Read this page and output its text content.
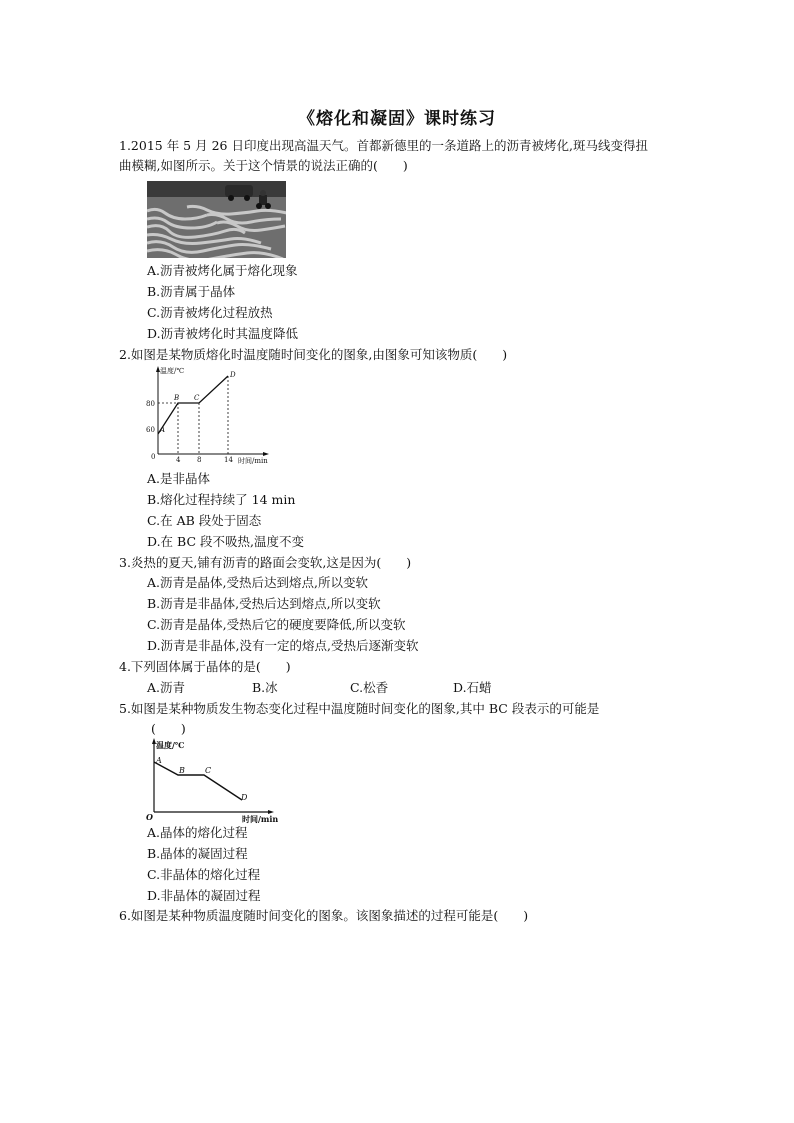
《熔化和凝固》课时练习
1.2015 年 5 月 26 日印度出现高温天气。首都新德里的一条道路上的沥青被烤化,斑马线变得扭
曲模糊,如图所示。关于这个情景的说法正确的(　　)
A.沥青被烤化属于熔化现象
B.沥青属于晶体
C.沥青被烤化过程放热
D.沥青被烤化时其温度降低
2.如图是某物质熔化时温度随时间变化的图象,由图象可知该物质(　　)
温度/℃
时间/min
0
80
60
4 8	14
A
B C
D
A.是非晶体
B.熔化过程持续了 14 min
C.在 AB 段处于固态
D.在 BC 段不吸热,温度不变
3.炎热的夏天,铺有沥青的路面会变软,这是因为(　　)
A.沥青是晶体,受热后达到熔点,所以变软
B.沥青是非晶体,受热后达到熔点,所以变软
C.沥青是晶体,受热后它的硬度要降低,所以变软
D.沥青是非晶体,没有一定的熔点,受热后逐渐变软
4.下列固体属于晶体的是(　　)
A.沥青	B.冰	C.松香	D.石蜡
5.如图是某种物质发生物态变化过程中温度随时间变化的图象,其中 BC 段表示的可能是
(　　)
温度/℃
时间/min
O
A
B	C
D
A.晶体的熔化过程
B.晶体的凝固过程
C.非晶体的熔化过程
D.非晶体的凝固过程
6.如图是某种物质温度随时间变化的图象。该图象描述的过程可能是(　　)
